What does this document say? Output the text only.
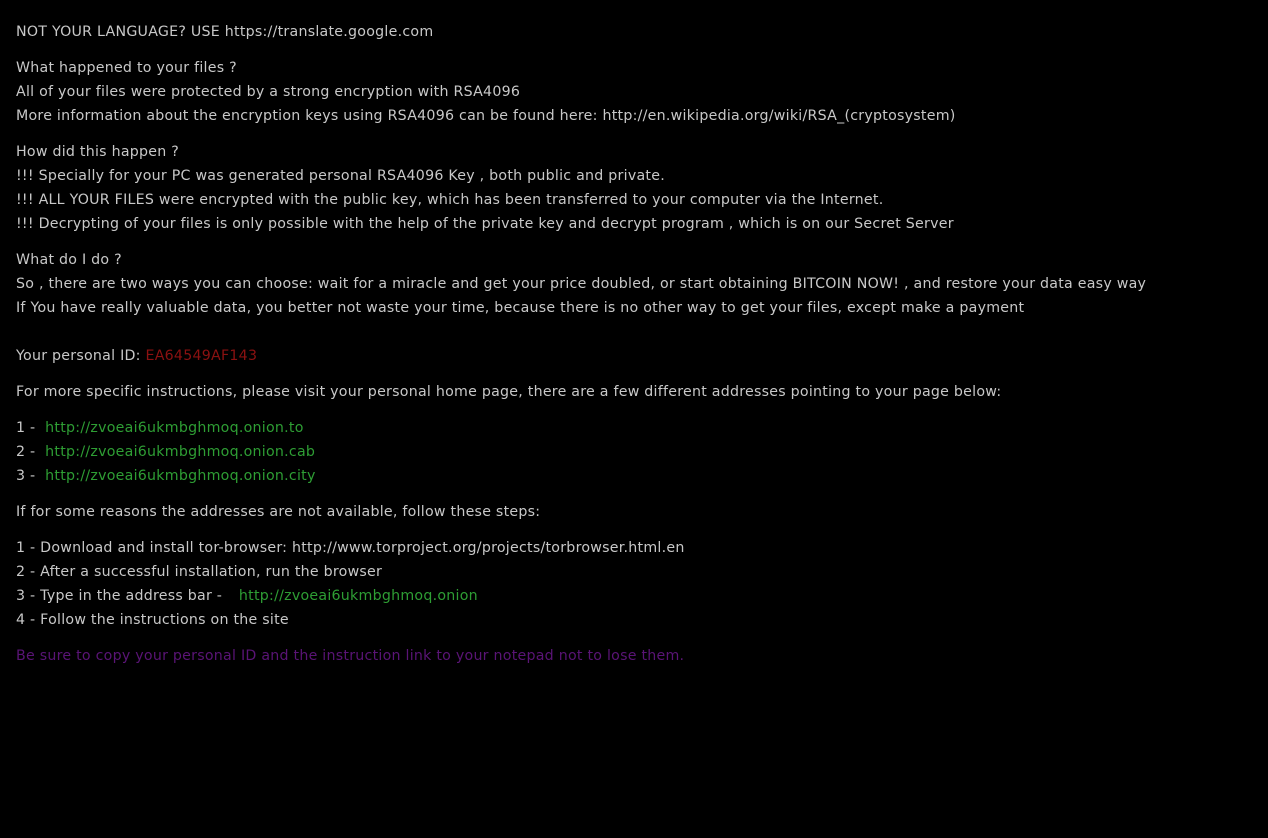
NOT YOUR LANGUAGE? USE https://translate.google.com
What happened to your files ?
All of your files were protected by a strong encryption with RSA4096
More information about the encryption keys using RSA4096 can be found here: http://en.wikipedia.org/wiki/RSA_(cryptosystem)
How did this happen ?
!!! Specially for your PC was generated personal RSA4096 Key , both public and private.
!!! ALL YOUR FILES were encrypted with the public key, which has been transferred to your computer via the Internet.
!!! Decrypting of your files is only possible with the help of the private key and decrypt program , which is on our Secret Server
What do I do ?
So , there are two ways you can choose: wait for a miracle and get your price doubled, or start obtaining BITCOIN NOW! , and restore your data easy way
If You have really valuable data, you better not waste your time, because there is no other way to get your files, except make a payment
Your personal ID: EA64549AF143
For more specific instructions, please visit your personal home page, there are a few different addresses pointing to your page below:
1 - http://zvoeai6ukmbghmoq.onion.to
2 - http://zvoeai6ukmbghmoq.onion.cab
3 - http://zvoeai6ukmbghmoq.onion.city
If for some reasons the addresses are not available, follow these steps:
1 - Download and install tor-browser: http://www.torproject.org/projects/torbrowser.html.en
2 - After a successful installation, run the browser
3 - Type in the address bar - http://zvoeai6ukmbghmoq.onion
4 - Follow the instructions on the site
Be sure to copy your personal ID and the instruction link to your notepad not to lose them.
